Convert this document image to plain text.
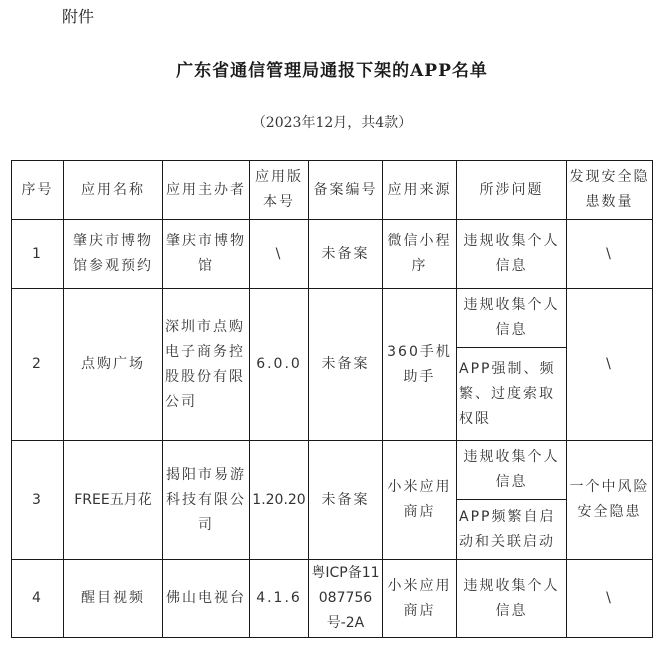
附件
广东省通信管理局通报下架的APP名单
（2023年12月，共4款）
序号	应用名称	应用主办者	应用版本号	备案编号	应用来源	所涉问题	发现安全隐患数量
1	肇庆市博物馆参观预约	肇庆市博物馆	\	未备案	微信小程序	违规收集个人信息	\
2	点购广场	深圳市点购电子商务控股股份有限公司	6.0.0	未备案	360手机助手	违规收集个人信息	\
						APP强制、频繁、过度索取权限	
3	FREE五月花	揭阳市易游科技有限公司	1.20.20	未备案	小米应用商店	违规收集个人信息	一个中风险安全隐患
						APP频繁自启动和关联启动	
4	醒目视频	佛山电视台	4.1.6	粤ICP备11087756号-2A	小米应用商店	违规收集个人信息	\
